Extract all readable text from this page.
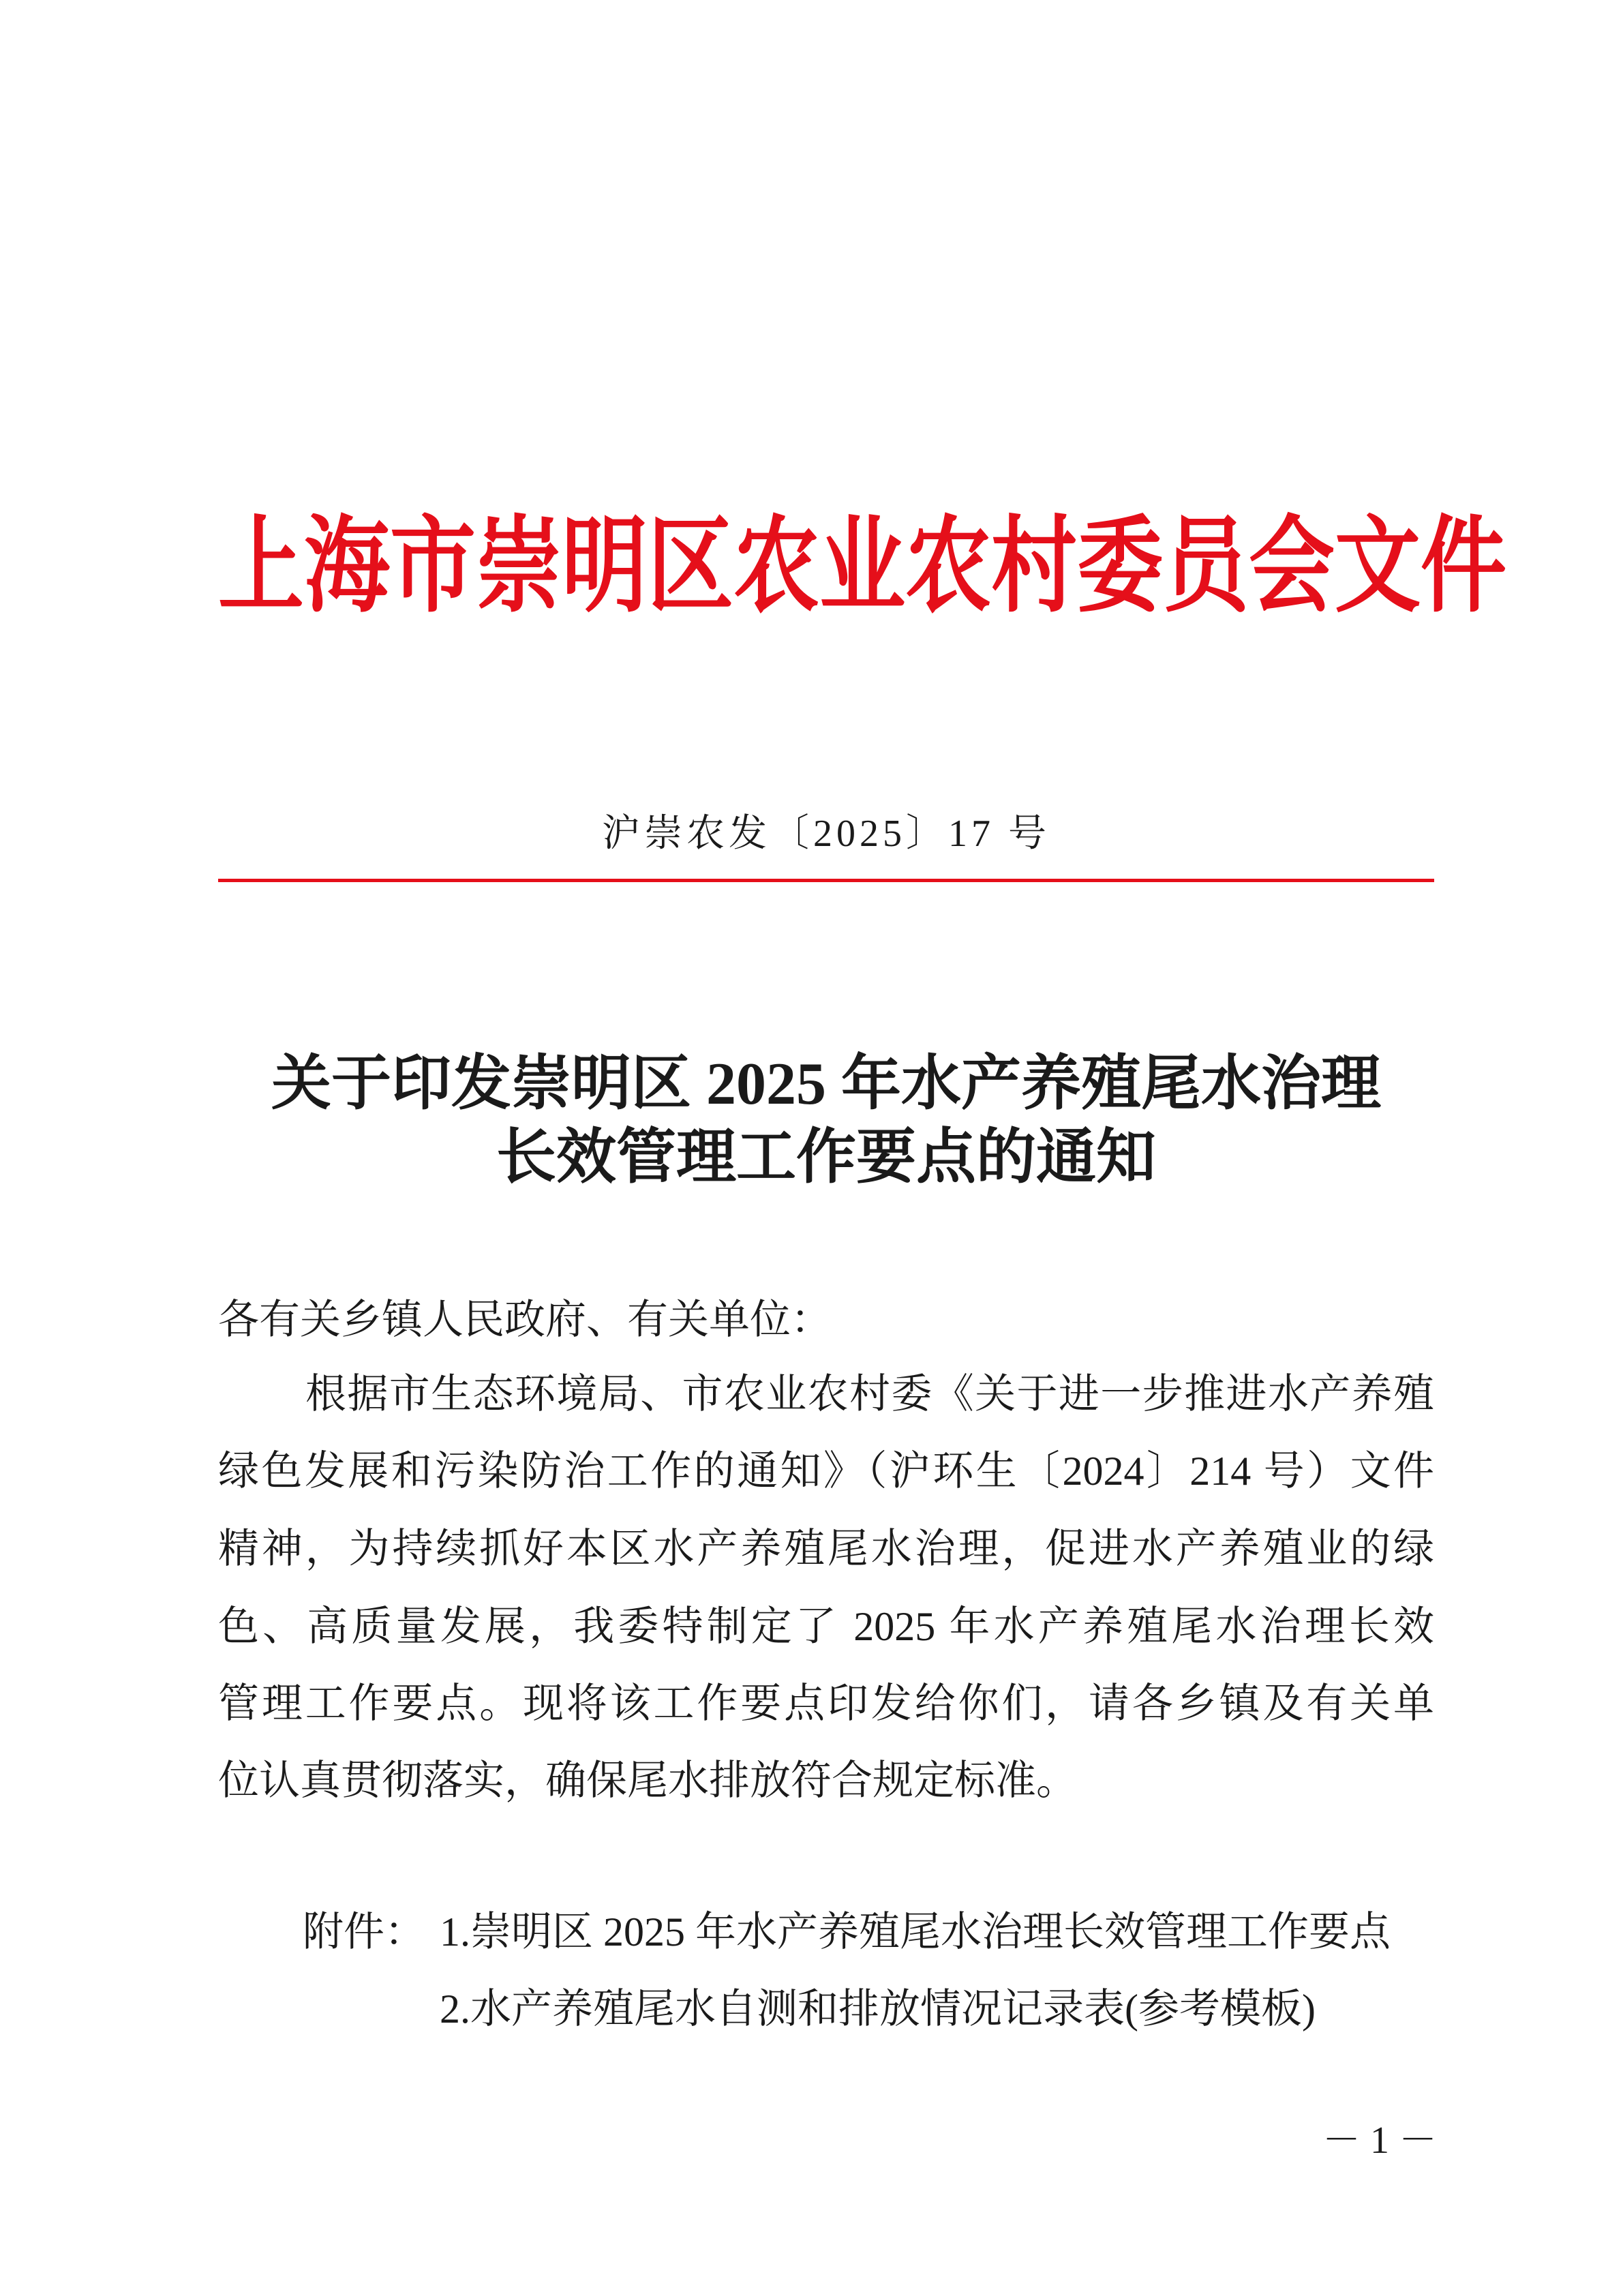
上海市崇明区农业农村委员会文件
沪崇农发〔2025〕17 号
关于印发崇明区 2025 年水产养殖尾水治理
长效管理工作要点的通知
各有关乡镇人民政府、有关单位：
根据市生态环境局、市农业农村委《关于进一步推进水产养殖
绿色发展和污染防治工作的通知》（沪环生〔2024〕214 号）文件
精神，为持续抓好本区水产养殖尾水治理，促进水产养殖业的绿
色、高质量发展，我委特制定了 2025 年水产养殖尾水治理长效
管理工作要点。现将该工作要点印发给你们，请各乡镇及有关单
位认真贯彻落实，确保尾水排放符合规定标准。
附件： 1.崇明区 2025 年水产养殖尾水治理长效管理工作要点
2.水产养殖尾水自测和排放情况记录表(参考模板)
－ 1 －
